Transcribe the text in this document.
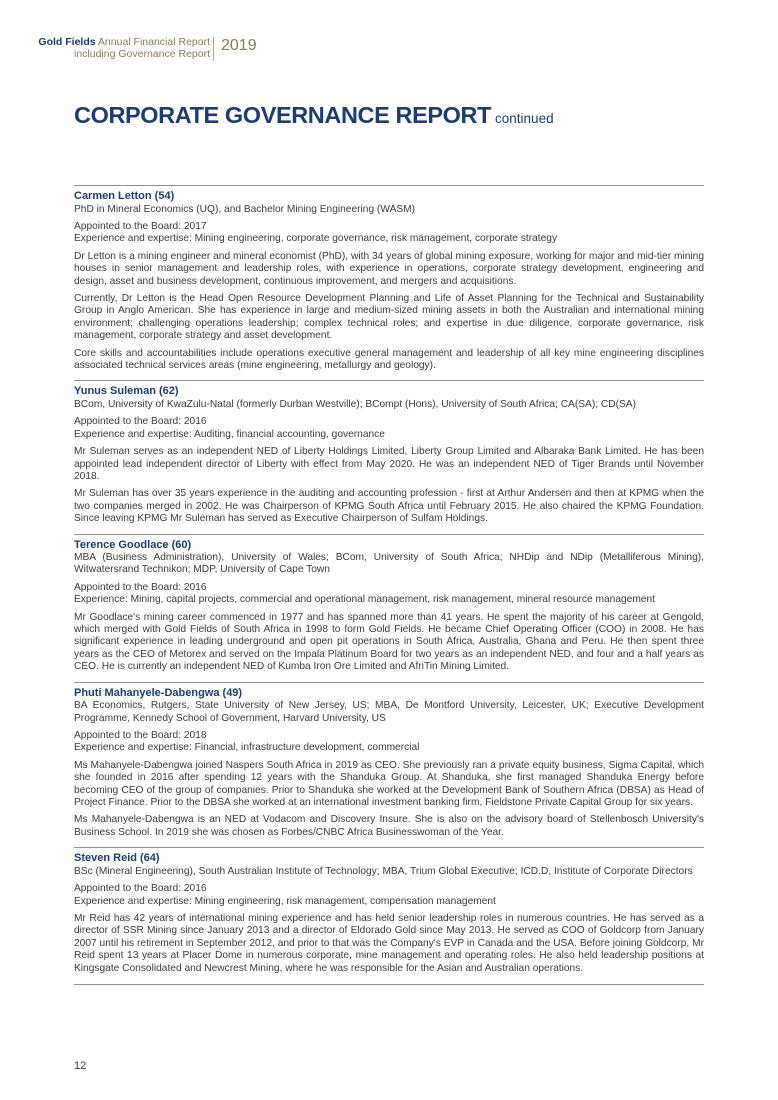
Gold Fields Annual Financial Report
including Governance Report 2019
CORPORATE GOVERNANCE REPORT continued
Carmen Letton (54)

PhD in Mineral Economics (UQ), and Bachelor Mining Engineering (WASM)

Appointed to the Board: 2017
Experience and expertise: Mining engineering, corporate governance, risk management, corporate strategy

Dr Letton is a mining engineer and mineral economist (PhD), with 34 years of global mining exposure, working for major and mid-tier mining houses in senior management and leadership roles, with experience in operations, corporate strategy development, engineering and design, asset and business development, continuous improvement, and mergers and acquisitions.

Currently, Dr Letton is the Head Open Resource Development Planning and Life of Asset Planning for the Technical and Sustainability Group in Anglo American. She has experience in large and medium-sized mining assets in both the Australian and international mining environment; challenging operations leadership; complex technical roles; and expertise in due diligence, corporate governance, risk management, corporate strategy and asset development.

Core skills and accountabilities include operations executive general management and leadership of all key mine engineering disciplines associated technical services areas (mine engineering, metallurgy and geology).

Yunus Suleman (62)

BCom, University of KwaZulu-Natal (formerly Durban Westville); BCompt (Hons), University of South Africa; CA(SA); CD(SA)

Appointed to the Board: 2016
Experience and expertise: Auditing, financial accounting, governance

Mr Suleman serves as an independent NED of Liberty Holdings Limited, Liberty Group Limited and Albaraka Bank Limited. He has been appointed lead independent director of Liberty with effect from May 2020. He was an independent NED of Tiger Brands until November 2018.

Mr Suleman has over 35 years experience in the auditing and accounting profession - first at Arthur Andersen and then at KPMG when the two companies merged in 2002. He was Chairperson of KPMG South Africa until February 2015. He also chaired the KPMG Foundation. Since leaving KPMG Mr Suleman has served as Executive Chairperson of Sulfam Holdings.

Terence Goodlace (60)

MBA (Business Administration), University of Wales; BCom, University of South Africa; NHDip and NDip (Metalliferous Mining), Witwatersrand Technikon; MDP, University of Cape Town

Appointed to the Board: 2016
Experience: Mining, capital projects, commercial and operational management, risk management, mineral resource management

Mr Goodlace's mining career commenced in 1977 and has spanned more than 41 years. He spent the majority of his career at Gengold, which merged with Gold Fields of South Africa in 1998 to form Gold Fields. He became Chief Operating Officer (COO) in 2008. He has significant experience in leading underground and open pit operations in South Africa, Australia, Ghana and Peru. He then spent three years as the CEO of Metorex and served on the Impala Platinum Board for two years as an independent NED, and four and a half years as CEO. He is currently an independent NED of Kumba Iron Ore Limited and AfriTin Mining Limited.

Phuti Mahanyele-Dabengwa (49)

BA Economics, Rutgers, State University of New Jersey, US; MBA, De Montford University, Leicester, UK; Executive Development Programme, Kennedy School of Government, Harvard University, US

Appointed to the Board: 2018
Experience and expertise: Financial, infrastructure development, commercial

Ms Mahanyele-Dabengwa joined Naspers South Africa in 2019 as CEO. She previously ran a private equity business, Sigma Capital, which she founded in 2016 after spending 12 years with the Shanduka Group. At Shanduka, she first managed Shanduka Energy before becoming CEO of the group of companies. Prior to Shanduka she worked at the Development Bank of Southern Africa (DBSA) as Head of Project Finance. Prior to the DBSA she worked at an international investment banking firm, Fieldstone Private Capital Group for six years.

Ms Mahanyele-Dabengwa is an NED at Vodacom and Discovery Insure. She is also on the advisory board of Stellenbosch University's Business School. In 2019 she was chosen as Forbes/CNBC Africa Businesswoman of the Year.

Steven Reid (64)

BSc (Mineral Engineering), South Australian Institute of Technology; MBA, Trium Global Executive; ICD.D, Institute of Corporate Directors

Appointed to the Board: 2016
Experience and expertise: Mining engineering, risk management, compensation management

Mr Reid has 42 years of international mining experience and has held senior leadership roles in numerous countries. He has served as a director of SSR Mining since January 2013 and a director of Eldorado Gold since May 2013. He served as COO of Goldcorp from January 2007 until his retirement in September 2012, and prior to that was the Company's EVP in Canada and the USA. Before joining Goldcorp, Mr Reid spent 13 years at Placer Dome in numerous corporate, mine management and operating roles. He also held leadership positions at Kingsgate Consolidated and Newcrest Mining, where he was responsible for the Asian and Australian operations.

12
